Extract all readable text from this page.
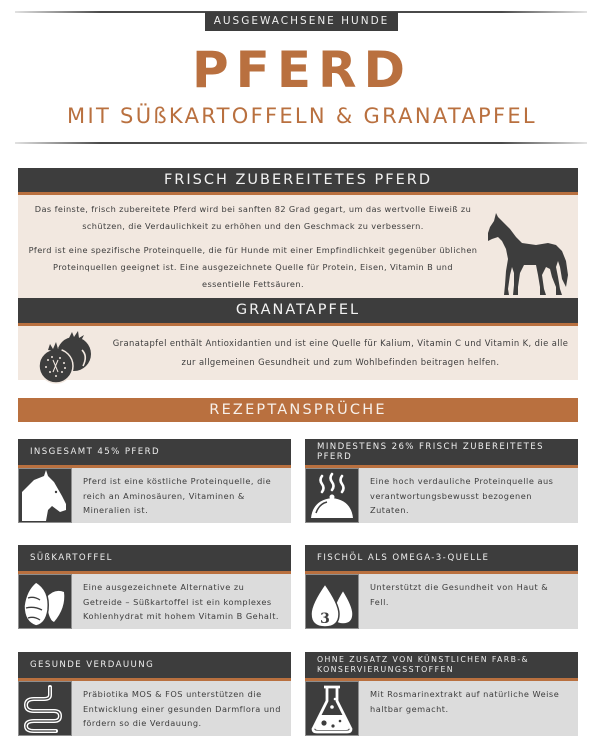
AUSGEWACHSENE HUNDE
PFERD
MIT SÜßKARTOFFELN & GRANATAPFEL
FRISCH ZUBEREITETES PFERD

Das feinste, frisch zubereitete Pferd wird bei sanften 82 Grad gegart, um das wertvolle Eiweiß zu schützen, die Verdaulichkeit zu erhöhen und den Geschmack zu verbessern.

Pferd ist eine spezifische Proteinquelle, die für Hunde mit einer Empfindlichkeit gegenüber üblichen Proteinquellen geeignet ist. Eine ausgezeichnete Quelle für Protein, Eisen, Vitamin B und essentielle Fettsäuren.

GRANATAPFEL
Granatapfel enthält Antioxidantien und ist eine Quelle für Kalium, Vitamin C und Vitamin K, die alle zur allgemeinen Gesundheit und zum Wohlbefinden beitragen helfen.
REZEPTANSPRÜCHE
INSGESAMT 45% PFERD
Pferd ist eine köstliche Proteinquelle, die reich an Aminosäuren, Vitaminen & Mineralien ist.
MINDESTENS 26% FRISCH ZUBEREITETES PFERD
Eine hoch verdauliche Proteinquelle aus verantwortungsbewusst bezogenen Zutaten.
SÜßKARTOFFEL
Eine ausgezeichnete Alternative zu Getreide – Süßkartoffel ist ein komplexes Kohlenhydrat mit hohem Vitamin B Gehalt.
FISCHÖL ALS OMEGA-3-QUELLE
3
Unterstützt die Gesundheit von Haut & Fell.
GESUNDE VERDAUUNG
Präbiotika MOS & FOS unterstützen die Entwicklung einer gesunden Darmflora und fördern so die Verdauung.
OHNE ZUSATZ VON KÜNSTLICHEN FARB-& KONSERVIERUNGSSTOFFEN
Mit Rosmarinextrakt auf natürliche Weise haltbar gemacht.
